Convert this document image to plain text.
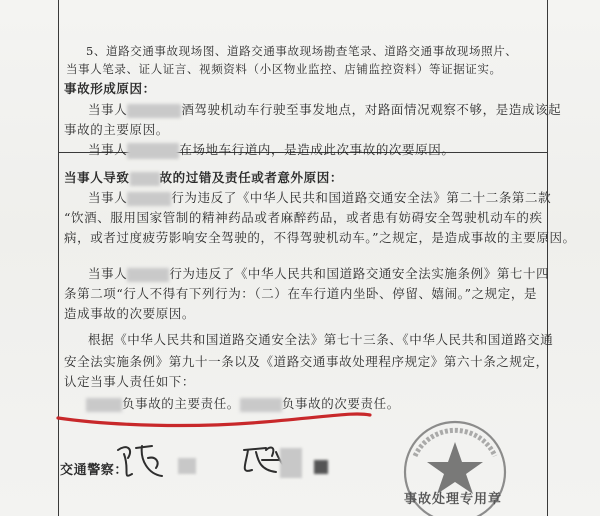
5、道路交通事故现场图、道路交通事故现场勘查笔录、道路交通事故现场照片、
当事人笔录、证人证言、视频资料（小区物业监控、店铺监控资料）等证据证实。
事故形成原因：
当事人	酒驾驶机动车行驶至事发地点，对路面情况观察不够，是造成该起
事故的主要原因。
当事人	在场地车行道内，是造成此次事故的次要原因。
当事人导致 故的过错及责任或者意外原因：
当事人	行为违反了《中华人民共和国道路交通安全法》第二十二条第二款
“饮酒、服用国家管制的精神药品或者麻醉药品，或者患有妨碍安全驾驶机动车的疾
病，或者过度疲劳影响安全驾驶的，不得驾驶机动车。”之规定，是造成事故的主要原因。
当事人	行为违反了《中华人民共和国道路交通安全法实施条例》第七十四
条第二项“行人不得有下列行为：（二）在车行道内坐卧、停留、嬉闹。”之规定，是
造成事故的次要原因。
根据《中华人民共和国道路交通安全法》第七十三条、《中华人民共和国道路交通
安全法实施条例》第九十一条以及《道路交通事故处理程序规定》第六十条之规定，
认定当事人责任如下：
负事故的主要责任。	负事故的次要责任。
交通警察：
事故处理专用章
